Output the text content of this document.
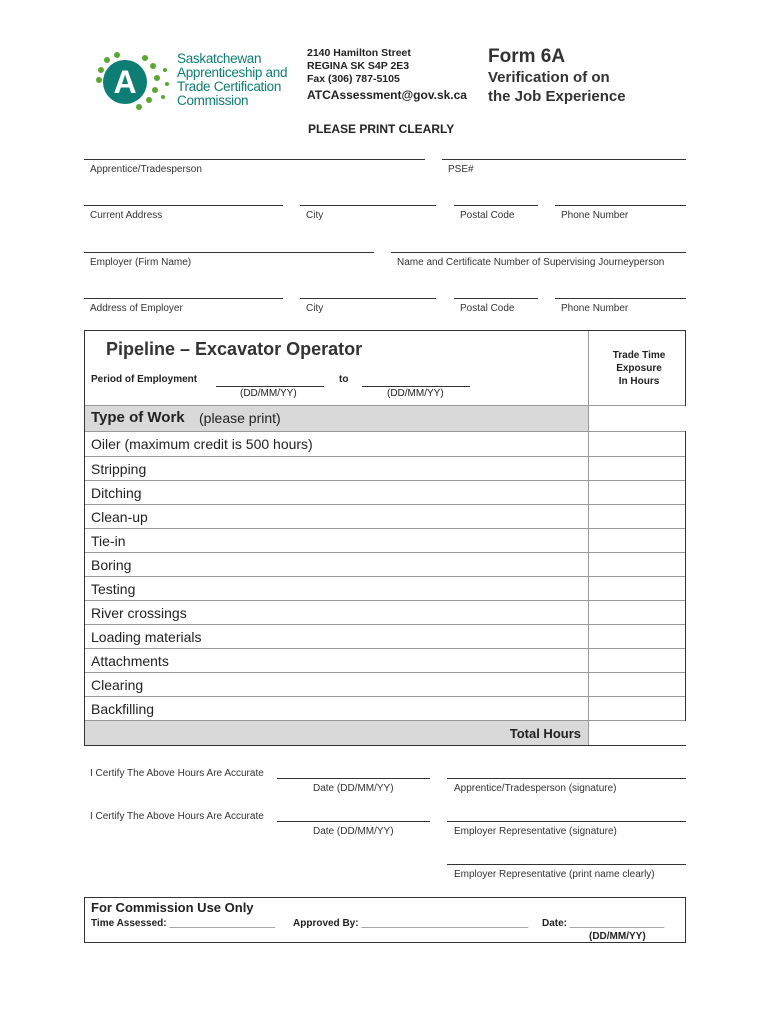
A
Saskatchewan
Apprenticeship and
Trade Certification
Commission
2140 Hamilton Street
REGINA SK S4P 2E3
Fax (306) 787-5105
ATCAssessment@gov.sk.ca
Form 6A
Verification of on
the Job Experience
PLEASE PRINT CLEARLY
Apprentice/Tradesperson	PSE#
Current Address	City	Postal Code	Phone Number
Employer (Firm Name)	Name and Certificate Number of Supervising Journeyperson
Address of Employer	City	Postal Code	Phone Number
Pipeline – Excavator Operator	Trade Time
Exposure
In Hours
Period of Employment	to
(DD/MM/YY)	(DD/MM/YY)
Type of Work (please print)
Oiler (maximum credit is 500 hours)
Stripping
Ditching
Clean-up
Tie-in
Boring
Testing
River crossings
Loading materials
Attachments
Clearing
Backfilling
Total Hours
I Certify The Above Hours Are Accurate
Date (DD/MM/YY)	Apprentice/Tradesperson (signature)
I Certify The Above Hours Are Accurate
Date (DD/MM/YY)	Employer Representative (signature)
Employer Representative (print name clearly)
For Commission Use Only
Time Assessed: ___________________ Approved By: ______________________________ Date: _________________
(DD/MM/YY)
